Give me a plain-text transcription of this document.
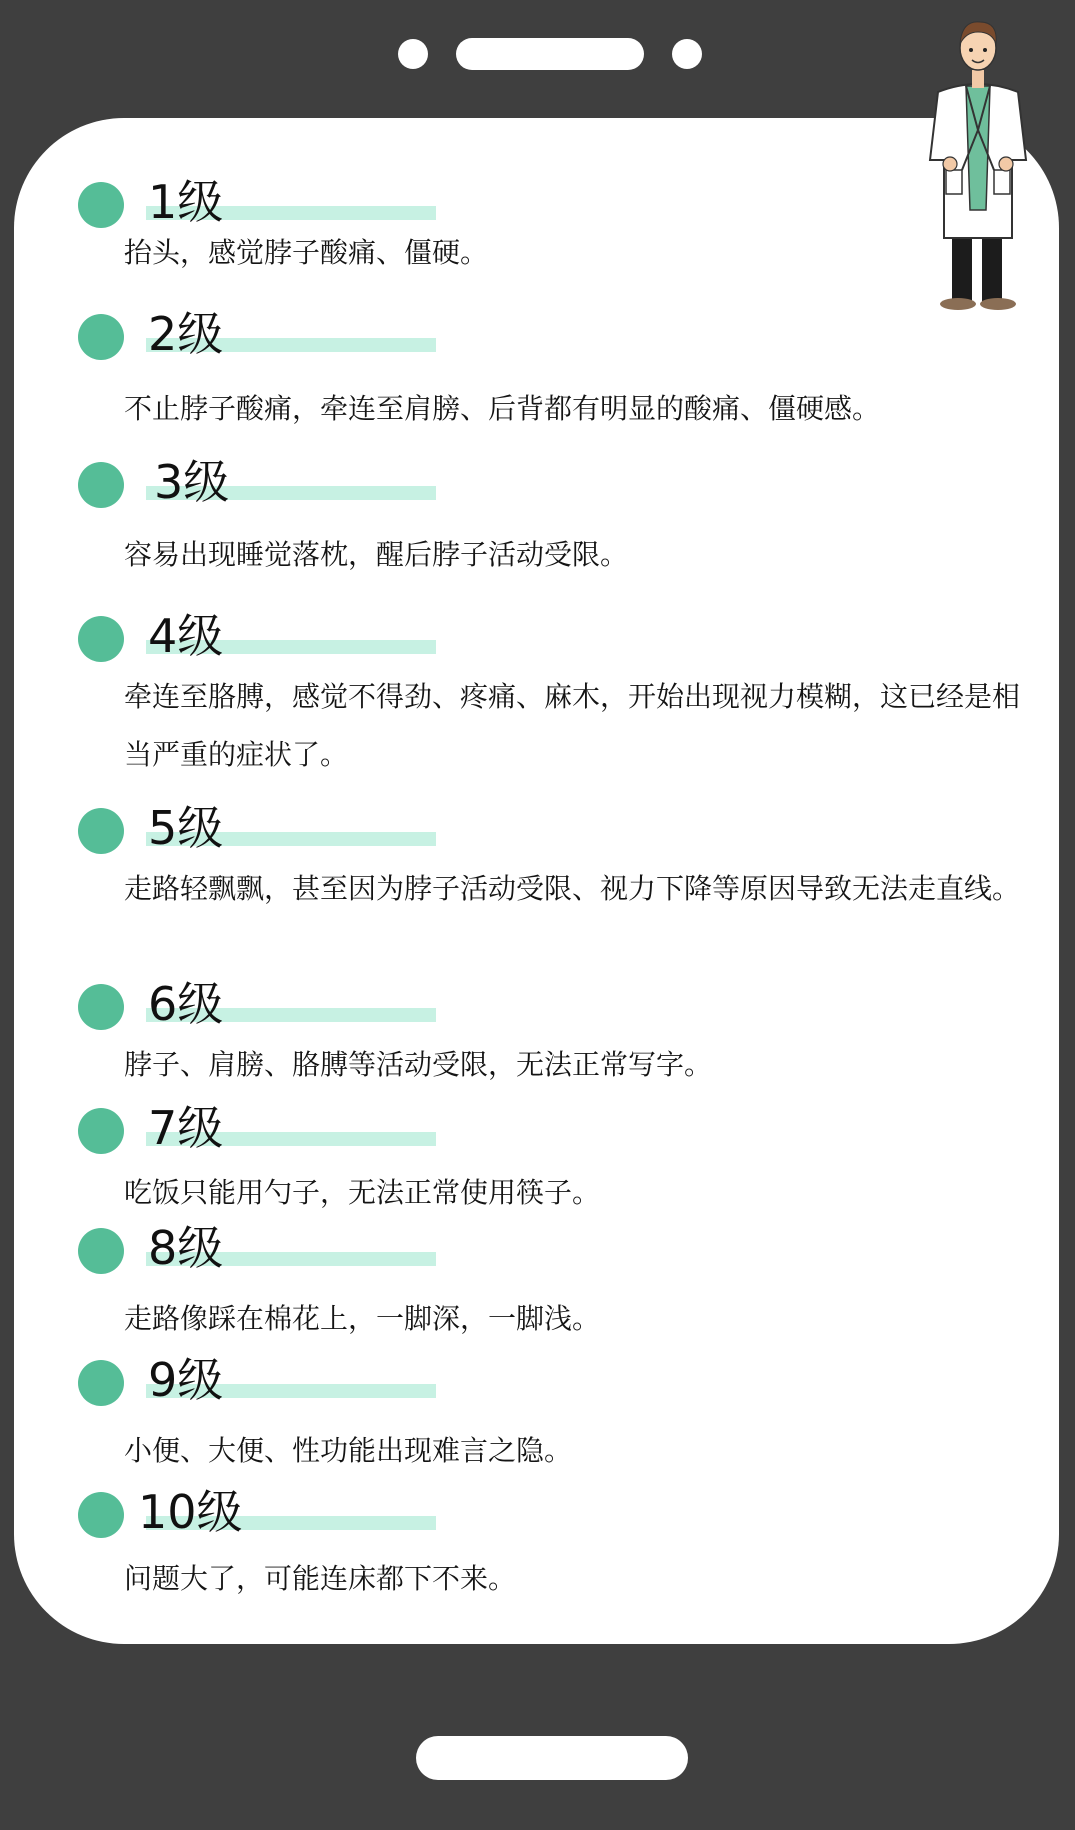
1级

抬头，感觉脖子酸痛、僵硬。

2级

不止脖子酸痛，牵连至肩膀、后背都有明显的酸痛、僵硬感。

3级

容易出现睡觉落枕，醒后脖子活动受限。

4级

牵连至胳膊，感觉不得劲、疼痛、麻木，开始出现视力模糊，这已经是相当严重的症状了。

5级

走路轻飘飘，甚至因为脖子活动受限、视力下降等原因导致无法走直线。

6级

脖子、肩膀、胳膊等活动受限，无法正常写字。

7级

吃饭只能用勺子，无法正常使用筷子。

8级

走路像踩在棉花上，一脚深，一脚浅。

9级

小便、大便、性功能出现难言之隐。

10级

问题大了，可能连床都下不来。
